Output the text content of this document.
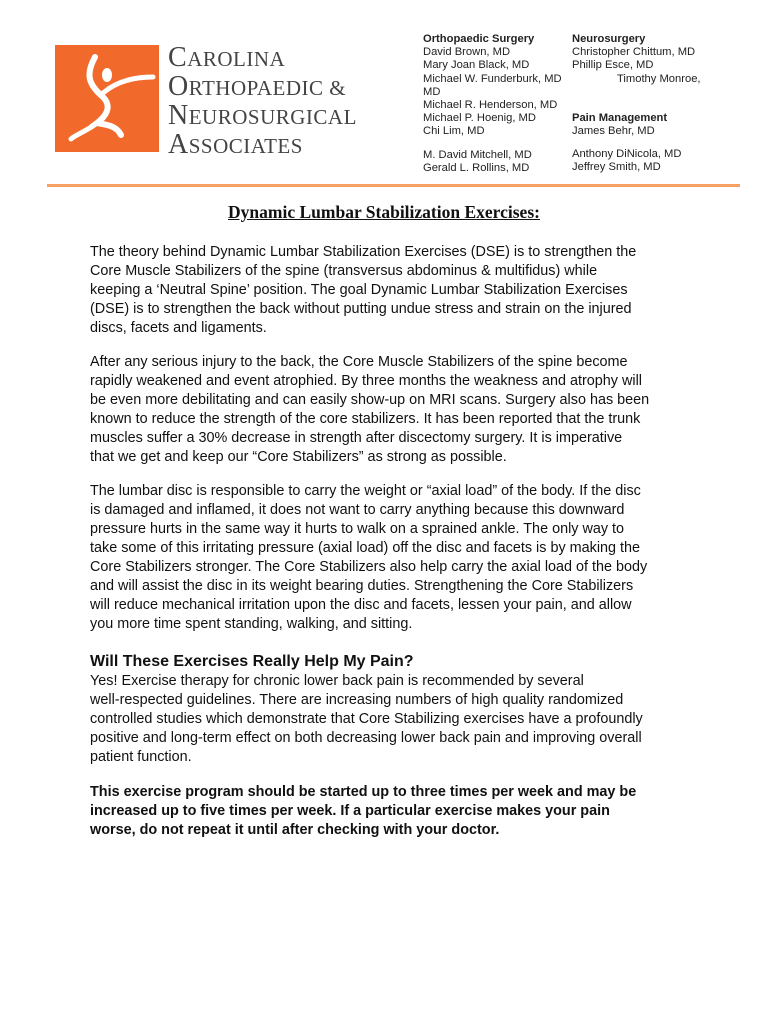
CAROLINA
ORTHOPAEDIC &
NEUROSURGICAL
ASSOCIATES
Orthopaedic Surgery
David Brown, MD
Mary Joan Black, MD
Michael W. Funderburk, MD
MD
Michael R. Henderson, MD
Michael P. Hoenig, MD
Chi Lim, MD
M. David Mitchell, MD
Gerald L. Rollins, MD
Neurosurgery
Christopher Chittum, MD
Phillip Esce, MD
Timothy Monroe,
Pain Management
James Behr, MD
Anthony DiNicola, MD
Jeffrey Smith, MD
Dynamic Lumbar Stabilization Exercises:
The theory behind Dynamic Lumbar Stabilization Exercises (DSE) is to strengthen the
Core Muscle Stabilizers of the spine (transversus abdominus & multifidus) while
keeping a ‘Neutral Spine’ position. The goal Dynamic Lumbar Stabilization Exercises
(DSE) is to strengthen the back without putting undue stress and strain on the injured
discs, facets and ligaments.
After any serious injury to the back, the Core Muscle Stabilizers of the spine become
rapidly weakened and event atrophied. By three months the weakness and atrophy will
be even more debilitating and can easily show-up on MRI scans. Surgery also has been
known to reduce the strength of the core stabilizers. It has been reported that the trunk
muscles suffer a 30% decrease in strength after discectomy surgery. It is imperative
that we get and keep our “Core Stabilizers” as strong as possible.
The lumbar disc is responsible to carry the weight or “axial load” of the body. If the disc
is damaged and inflamed, it does not want to carry anything because this downward
pressure hurts in the same way it hurts to walk on a sprained ankle. The only way to
take some of this irritating pressure (axial load) off the disc and facets is by making the
Core Stabilizers stronger. The Core Stabilizers also help carry the axial load of the body
and will assist the disc in its weight bearing duties. Strengthening the Core Stabilizers
will reduce mechanical irritation upon the disc and facets, lessen your pain, and allow
you more time spent standing, walking, and sitting.
Will These Exercises Really Help My Pain?
Yes! Exercise therapy for chronic lower back pain is recommended by several
well-respected guidelines. There are increasing numbers of high quality randomized
controlled studies which demonstrate that Core Stabilizing exercises have a profoundly
positive and long-term effect on both decreasing lower back pain and improving overall
patient function.
This exercise program should be started up to three times per week and may be
increased up to five times per week. If a particular exercise makes your pain
worse, do not repeat it until after checking with your doctor.
